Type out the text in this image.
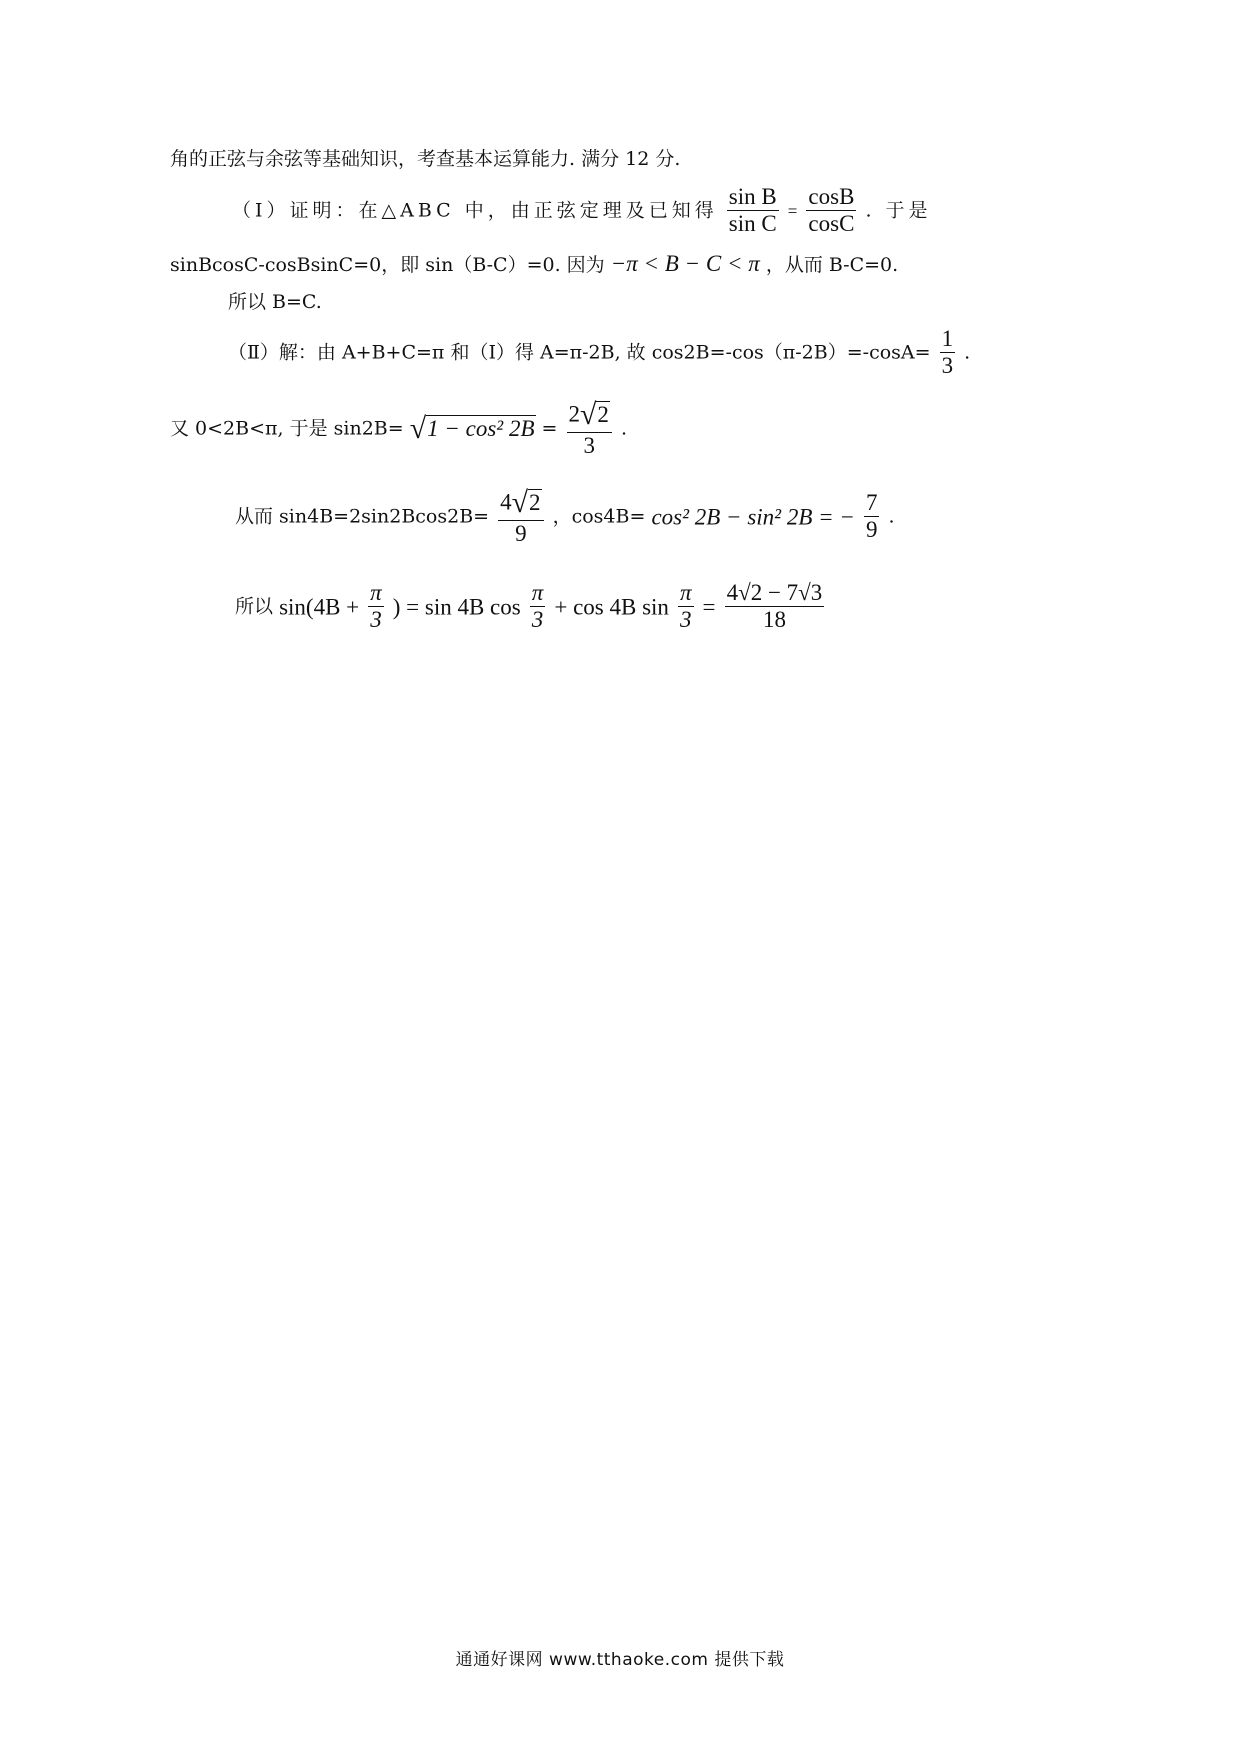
角的正弦与余弦等基础知识，考查基本运算能力. 满分 12 分.
（Ⅰ）证明：在△ABC 中，由正弦定理及已知得 $\frac{\text{sin B}}{\text{sin C}} = \frac{\cos B}{\cos C}$ . 于是
sinBcosC-cosBsinC=0，即 sin（B-C）=0. 因为 −π < B − C < π ，从而 B-C=0.
所以 B=C.
（Ⅱ）解：由 A+B+C=π 和（Ⅰ）得 A=π-2B, 故 $\cos 2B=-\cos(\pi-2B)=-\cos A= \frac{1}{3}$ .
又 0<2B<π, 于是 sin2B= √1 − cos² $2B = \frac{2√2}{3}$ .
从而 $\sin 4B=2\sin 2Bcos2B= \frac{4√2}{9}$ ，cos4B= cos² 2B − sin² 2B = − $\frac{7}{9}$ .
所以 $\sin(4B + \frac{\pi}{3}$ ) = sin 4B $\cos \frac{\pi}{3} + \cos 4B$ $\sin \frac{\pi}{3} = \frac{4√2 - 7√3}{18}$
通通好课网 www.tthaoke.com 提供下载
